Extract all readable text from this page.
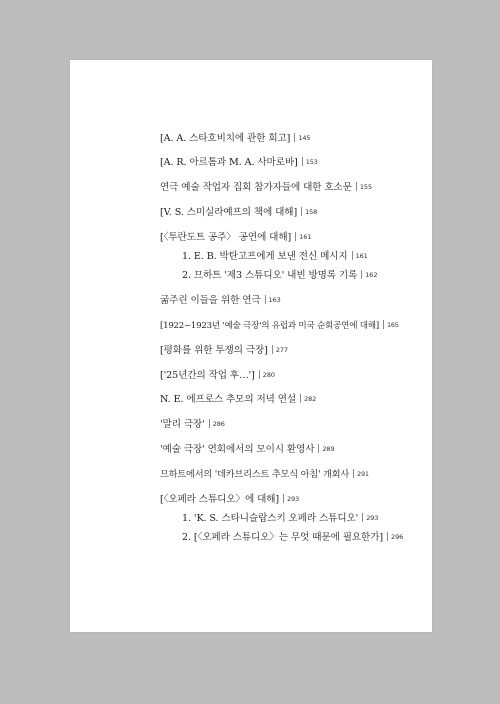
[A. A. 스타호비치에 관한 회고] 145
[A. R. 아르톰과 M. A. 사마로바] 153
연극 예술 작업자 집회 참가자들에 대한 호소문 155
[V. S. 스미실라예프의 책에 대해] 158
[〈투란도트 공주〉 공연에 대해] 161
1. E. B. 박탄고프에게 보낸 전신 메시지 161
2. 므하트 '제3 스튜디오' 내빈 방명록 기록 162
굶주린 이들을 위한 연극 163
[1922~1923년 '예술 극장'의 유럽과 미국 순회공연에 대해] 165
[평화를 위한 투쟁의 극장] 277
['25년간의 작업 후…'] 280
N. E. 에프로스 추모의 저녁 연설 282
'말리 극장' 286
'예술 극장' 연회에서의 모이시 환영사 289
므하트에서의 '데카브리스트 추모식 아침' 개회사 291
[〈오페라 스튜디오〉에 대해] 293
1. 'K. S. 스타니슬랍스키 오페라 스튜디오' 293
2. [〈오페라 스튜디오〉는 무엇 때문에 필요한가] 296
